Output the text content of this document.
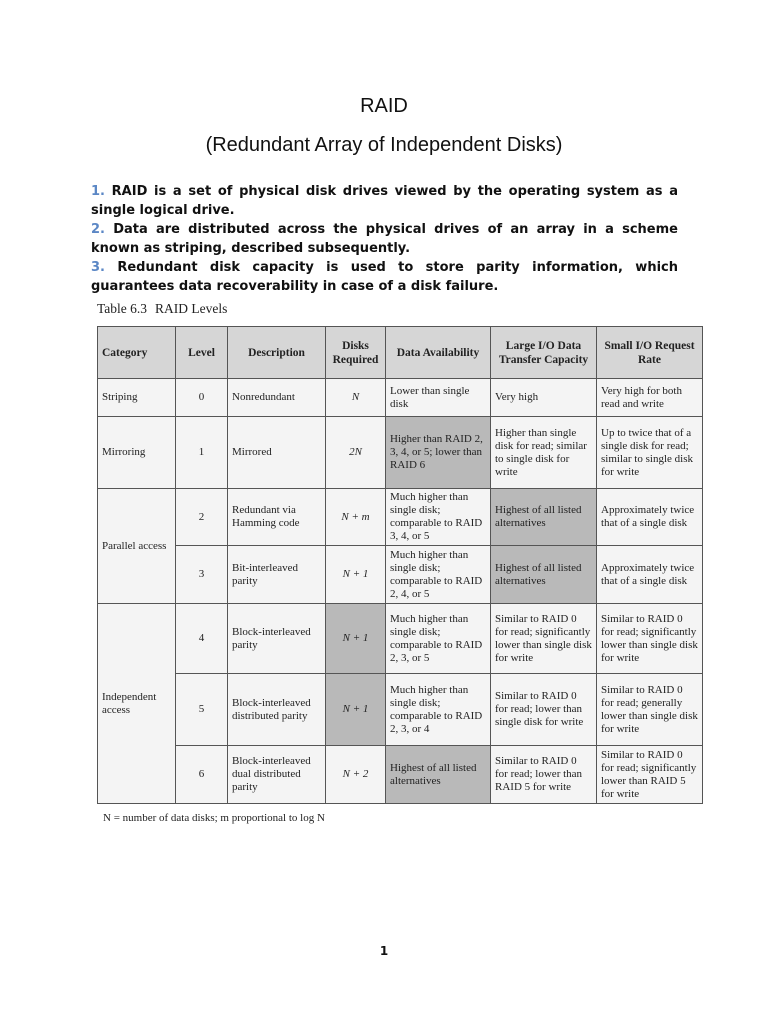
RAID
(Redundant Array of Independent Disks)

1. RAID is a set of physical disk drives viewed by the operating system as a single logical drive.

2. Data are distributed across the physical drives of an array in a scheme known as striping, described subsequently.

3. Redundant disk capacity is used to store parity information, which guarantees data recoverability in case of a disk failure.

Table 6.3 RAID Levels
Category	Level	Description	Disks Required	Data Availability	Large I/O Data Transfer Capacity	Small I/O Request Rate
Striping	0	Nonredundant	N	Lower than single disk	Very high	Very high for both read and write
Mirroring	1	Mirrored	2N	Higher than RAID 2, 3, 4, or 5; lower than RAID 6	Higher than single disk for read; similar to single disk for write	Up to twice that of a single disk for read; similar to single disk for write
Parallel access	2	Redundant via Hamming code	N + m	Much higher than single disk; comparable to RAID 3, 4, or 5	Highest of all listed alternatives	Approximately twice that of a single disk
	3	Bit-interleaved parity	N + 1	Much higher than single disk; comparable to RAID 2, 4, or 5	Highest of all listed alternatives	Approximately twice that of a single disk
Independent access	4	Block-interleaved parity	N + 1	Much higher than single disk; comparable to RAID 2, 3, or 5	Similar to RAID 0 for read; significantly lower than single disk for write	Similar to RAID 0 for read; significantly lower than single disk for write
	5	Block-interleaved distributed parity	N + 1	Much higher than single disk; comparable to RAID 2, 3, or 4	Similar to RAID 0 for read; lower than single disk for write	Similar to RAID 0 for read; generally lower than single disk for write
	6	Block-interleaved dual distributed parity	N + 2	Highest of all listed alternatives	Similar to RAID 0 for read; lower than RAID 5 for write	Similar to RAID 0 for read; significantly lower than RAID 5 for write
N = number of data disks; m proportional to log N
1
